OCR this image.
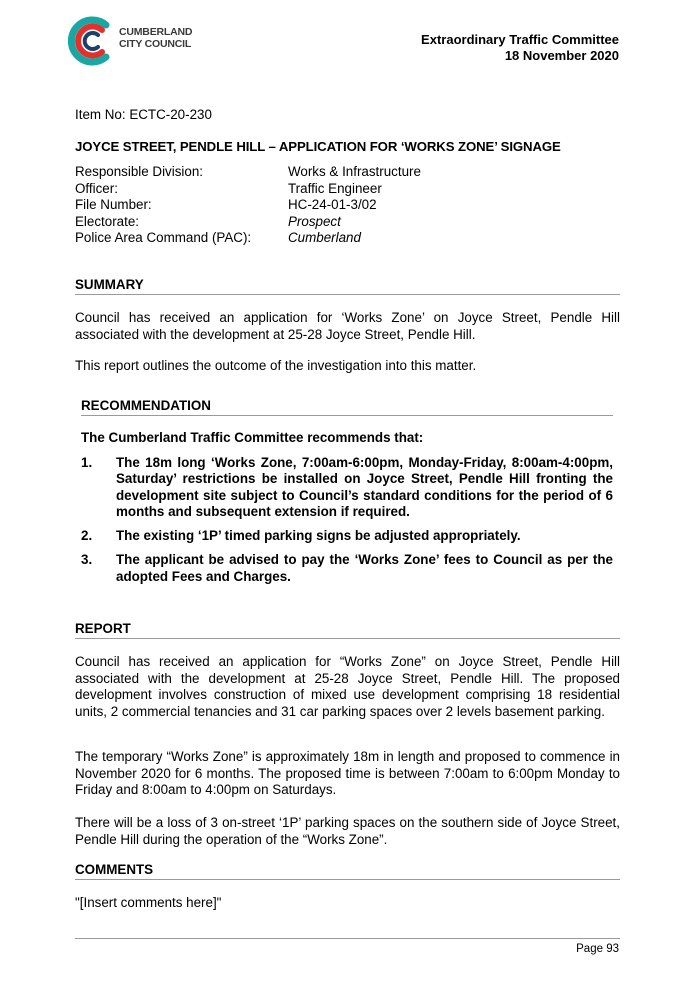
CUMBERLAND
CITY COUNCIL	Extraordinary Traffic Committee
18 November 2020
Item No: ECTC-20-230
JOYCE STREET, PENDLE HILL – APPLICATION FOR ‘WORKS ZONE’ SIGNAGE
Responsible Division:	Works & Infrastructure
Officer:	Traffic Engineer
File Number:	HC-24-01-3/02
Electorate:	Prospect
Police Area Command (PAC):	Cumberland
SUMMARY
Council has received an application for ‘Works Zone’ on Joyce Street, Pendle Hill associated with the development at 25-28 Joyce Street, Pendle Hill.
This report outlines the outcome of the investigation into this matter.
RECOMMENDATION
The Cumberland Traffic Committee recommends that:
1.	The 18m long ‘Works Zone, 7:00am-6:00pm, Monday-Friday, 8:00am-4:00pm, Saturday’ restrictions be installed on Joyce Street, Pendle Hill fronting the development site subject to Council’s standard conditions for the period of 6 months and subsequent extension if required.
2.	The existing ‘1P’ timed parking signs be adjusted appropriately.
3.	The applicant be advised to pay the ‘Works Zone’ fees to Council as per the adopted Fees and Charges.
REPORT
Council has received an application for “Works Zone” on Joyce Street, Pendle Hill associated with the development at 25-28 Joyce Street, Pendle Hill. The proposed development involves construction of mixed use development comprising 18 residential units, 2 commercial tenancies and 31 car parking spaces over 2 levels basement parking.
The temporary “Works Zone” is approximately 18m in length and proposed to commence in November 2020 for 6 months. The proposed time is between 7:00am to 6:00pm Monday to Friday and 8:00am to 4:00pm on Saturdays.
There will be a loss of 3 on-street ‘1P’ parking spaces on the southern side of Joyce Street, Pendle Hill during the operation of the “Works Zone”.
COMMENTS
"[Insert comments here]"
Page 93
